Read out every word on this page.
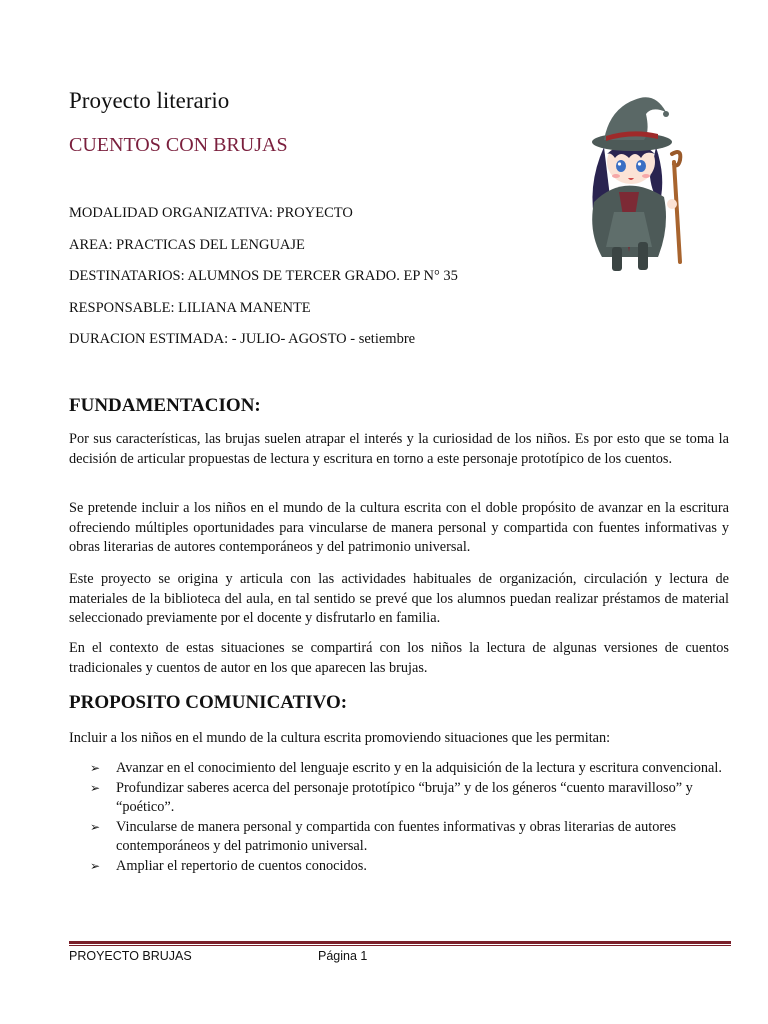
Proyecto literario
CUENTOS CON BRUJAS
MODALIDAD ORGANIZATIVA: PROYECTO
AREA: PRACTICAS DEL LENGUAJE
DESTINATARIOS: ALUMNOS DE TERCER GRADO. EP N° 35
RESPONSABLE: LILIANA MANENTE
DURACION ESTIMADA: - JULIO- AGOSTO - setiembre
FUNDAMENTACION:

Por sus características, las brujas suelen atrapar el interés y la curiosidad de los niños. Es por esto que se toma la decisión de articular propuestas de lectura y escritura en torno a este personaje prototípico de los cuentos.

Se pretende incluir a los niños en el mundo de la cultura escrita con el doble propósito de avanzar en la escritura ofreciendo múltiples oportunidades para vincularse de manera personal y compartida con fuentes informativas y obras literarias de autores contemporáneos y del patrimonio universal.

Este proyecto se origina y articula con las actividades habituales de organización, circulación y lectura de materiales de la biblioteca del aula, en tal sentido se prevé que los alumnos puedan realizar préstamos de material seleccionado previamente por el docente y disfrutarlo en familia.

En el contexto de estas situaciones se compartirá con los niños la lectura de algunas versiones de cuentos tradicionales y cuentos de autor en los que aparecen las brujas.

PROPOSITO COMUNICATIVO:

Incluir a los niños en el mundo de la cultura escrita promoviendo situaciones que les permitan:

➢ Avanzar en el conocimiento del lenguaje escrito y en la adquisición de la lectura y escritura convencional.
➢ Profundizar saberes acerca del personaje prototípico “bruja” y de los géneros “cuento maravilloso” y “poético”.
➢ Vincularse de manera personal y compartida con fuentes informativas y obras literarias de autores contemporáneos y del patrimonio universal.
➢ Ampliar el repertorio de cuentos conocidos.
PROYECTO BRUJAS	Página 1
